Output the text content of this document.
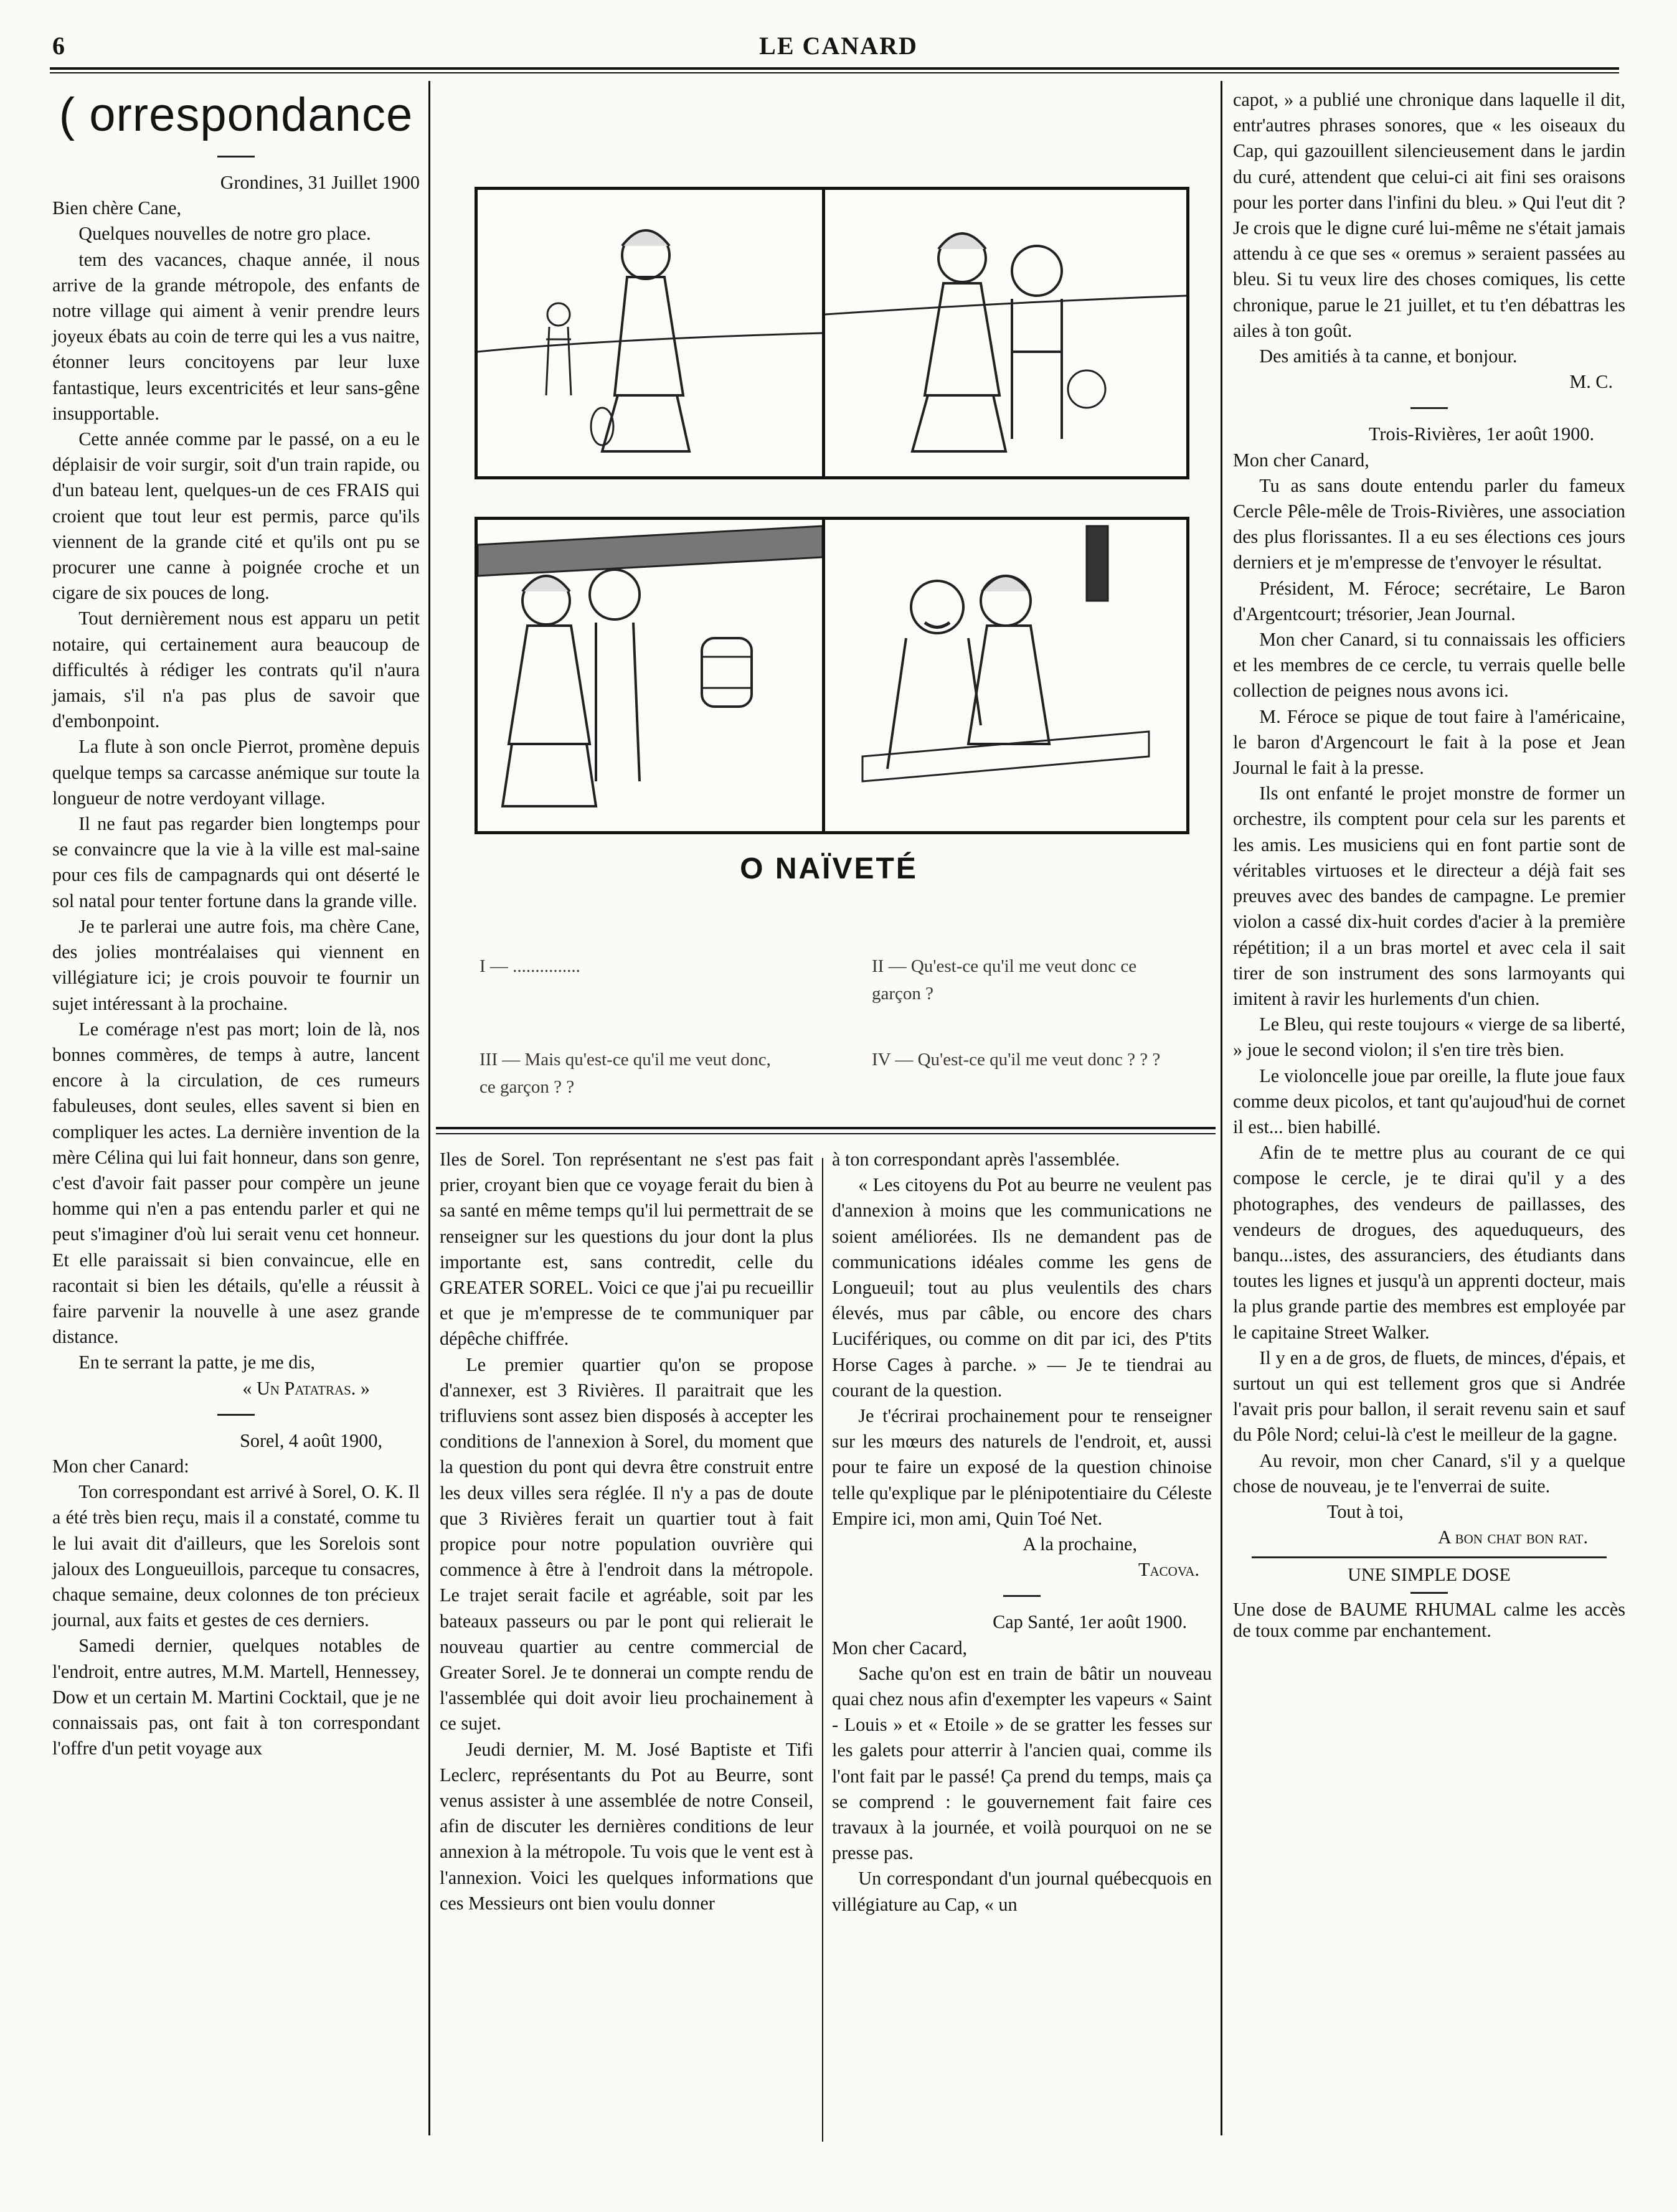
6	LE CANARD
( orrespondance
Grondines, 31 Juillet 1900

Bien chère Cane,

Quelques nouvelles de notre gro place.

tem des vacances, chaque année, il nous arrive de la grande métropole, des enfants de notre village qui aiment à venir prendre leurs joyeux ébats au coin de terre qui les a vus naitre, étonner leurs concitoyens par leur luxe fantastique, leurs excentricités et leur sans-gêne insupportable.

Cette année comme par le passé, on a eu le déplaisir de voir surgir, soit d'un train rapide, ou d'un bateau lent, quelques-un de ces FRAIS qui croient que tout leur est permis, parce qu'ils viennent de la grande cité et qu'ils ont pu se procurer une canne à poignée croche et un cigare de six pouces de long.

Tout dernièrement nous est apparu un petit notaire, qui certainement aura beaucoup de difficultés à rédiger les contrats qu'il n'aura jamais, s'il n'a pas plus de savoir que d'embonpoint.

La flute à son oncle Pierrot, promène depuis quelque temps sa carcasse anémique sur toute la longueur de notre verdoyant village.

Il ne faut pas regarder bien longtemps pour se convaincre que la vie à la ville est mal-saine pour ces fils de campagnards qui ont déserté le sol natal pour tenter fortune dans la grande ville.

Je te parlerai une autre fois, ma chère Cane, des jolies montréalaises qui viennent en villégiature ici; je crois pouvoir te fournir un sujet intéressant à la prochaine.

Le comérage n'est pas mort; loin de là, nos bonnes commères, de temps à autre, lancent encore à la circulation, de ces rumeurs fabuleuses, dont seules, elles savent si bien en compliquer les actes. La dernière invention de la mère Célina qui lui fait honneur, dans son genre, c'est d'avoir fait passer pour compère un jeune homme qui n'en a pas entendu parler et qui ne peut s'imaginer d'où lui serait venu cet honneur. Et elle paraissait si bien convaincue, elle en racontait si bien les détails, qu'elle a réussit à faire parvenir la nouvelle à une asez grande distance.

En te serrant la patte, je me dis,

« Un Patatras. »
Sorel, 4 août 1900,

Mon cher Canard:

Ton correspondant est arrivé à Sorel, O. K. Il a été très bien reçu, mais il a constaté, comme tu le lui avait dit d'ailleurs, que les Sorelois sont jaloux des Longueuillois, parceque tu consacres, chaque semaine, deux colonnes de ton précieux journal, aux faits et gestes de ces derniers.

Samedi dernier, quelques notables de l'endroit, entre autres, M.M. Martell, Hennessey, Dow et un certain M. Martini Cocktail, que je ne connaissais pas, ont fait à ton correspondant l'offre d'un petit voyage aux

O NAÏVETÉ
I — ...............	II — Qu'est-ce qu'il me veut donc ce garçon ?
III — Mais qu'est-ce qu'il me veut donc, ce garçon ? ?
IV — Qu'est-ce qu'il me veut donc ? ? ?

Iles de Sorel. Ton représentant ne s'est pas fait prier, croyant bien que ce voyage ferait du bien à sa santé en même temps qu'il lui permettrait de se renseigner sur les questions du jour dont la plus importante est, sans contredit, celle du GREATER SOREL. Voici ce que j'ai pu recueillir et que je m'empresse de te communiquer par dépêche chiffrée.

Le premier quartier qu'on se propose d'annexer, est 3 Rivières. Il paraitrait que les trifluviens sont assez bien disposés à accepter les conditions de l'annexion à Sorel, du moment que la question du pont qui devra être construit entre les deux villes sera réglée. Il n'y a pas de doute que 3 Rivières ferait un quartier tout à fait propice pour notre population ouvrière qui commence à être à l'endroit dans la métropole. Le trajet serait facile et agréable, soit par les bateaux passeurs ou par le pont qui relierait le nouveau quartier au centre commercial de Greater Sorel. Je te donnerai un compte rendu de l'assemblée qui doit avoir lieu prochainement à ce sujet.

Jeudi dernier, M. M. José Baptiste et Tifi Leclerc, représentants du Pot au Beurre, sont venus assister à une assemblée de notre Conseil, afin de discuter les dernières conditions de leur annexion à la métropole. Tu vois que le vent est à l'annexion. Voici les quelques informations que ces Messieurs ont bien voulu donner

à ton correspondant après l'assemblée.

« Les citoyens du Pot au beurre ne veulent pas d'annexion à moins que les communications ne soient améliorées. Ils ne demandent pas de communications idéales comme les gens de Longueuil; tout au plus veulentils des chars élevés, mus par câble, ou encore des chars Lucifériques, ou comme on dit par ici, des P'tits Horse Cages à parche. » — Je te tiendrai au courant de la question.

Je t'écrirai prochainement pour te renseigner sur les mœurs des naturels de l'endroit, et, aussi pour te faire un exposé de la question chinoise telle qu'explique par le plénipotentiaire du Céleste Empire ici, mon ami, Quin Toé Net.

A la prochaine,
Tacova.
Cap Santé, 1er août 1900.

Mon cher Cacard,

Sache qu'on est en train de bâtir un nouveau quai chez nous afin d'exempter les vapeurs « Saint - Louis » et « Etoile » de se gratter les fesses sur les galets pour atterrir à l'ancien quai, comme ils l'ont fait par le passé! Ça prend du temps, mais ça se comprend : le gouvernement fait faire ces travaux à la journée, et voilà pourquoi on ne se presse pas.

Un correspondant d'un journal québecquois en villégiature au Cap, « un

capot, » a publié une chronique dans laquelle il dit, entr'autres phrases sonores, que « les oiseaux du Cap, qui gazouillent silencieusement dans le jardin du curé, attendent que celui-ci ait fini ses oraisons pour les porter dans l'infini du bleu. » Qui l'eut dit ? Je crois que le digne curé lui-même ne s'était jamais attendu à ce que ses « oremus » seraient passées au bleu. Si tu veux lire des choses comiques, lis cette chronique, parue le 21 juillet, et tu t'en débattras les ailes à ton goût.

Des amitiés à ta canne, et bonjour.

M. C.
Trois-Rivières, 1er août 1900.

Mon cher Canard,

Tu as sans doute entendu parler du fameux Cercle Pêle-mêle de Trois-Rivières, une association des plus florissantes. Il a eu ses élections ces jours derniers et je m'empresse de t'envoyer le résultat.

Président, M. Féroce; secrétaire, Le Baron d'Argentcourt; trésorier, Jean Journal.

Mon cher Canard, si tu connaissais les officiers et les membres de ce cercle, tu verrais quelle belle collection de peignes nous avons ici.

M. Féroce se pique de tout faire à l'américaine, le baron d'Argencourt le fait à la pose et Jean Journal le fait à la presse.

Ils ont enfanté le projet monstre de former un orchestre, ils comptent pour cela sur les parents et les amis. Les musiciens qui en font partie sont de véritables virtuoses et le directeur a déjà fait ses preuves avec des bandes de campagne. Le premier violon a cassé dix-huit cordes d'acier à la première répétition; il a un bras mortel et avec cela il sait tirer de son instrument des sons larmoyants qui imitent à ravir les hurlements d'un chien.

Le Bleu, qui reste toujours « vierge de sa liberté, » joue le second violon; il s'en tire très bien.

Le violoncelle joue par oreille, la flute joue faux comme deux picolos, et tant qu'aujoud'hui de cornet il est... bien habillé.

Afin de te mettre plus au courant de ce qui compose le cercle, je te dirai qu'il y a des photographes, des vendeurs de paillasses, des vendeurs de drogues, des aqueduqueurs, des banqu...istes, des assuranciers, des étudiants dans toutes les lignes et jusqu'à un apprenti docteur, mais la plus grande partie des membres est employée par le capitaine Street Walker.

Il y en a de gros, de fluets, de minces, d'épais, et surtout un qui est tellement gros que si Andrée l'avait pris pour ballon, il serait revenu sain et sauf du Pôle Nord; celui-là c'est le meilleur de la gagne.

Au revoir, mon cher Canard, s'il y a quelque chose de nouveau, je te l'enverrai de suite.

Tout à toi,

A bon chat bon rat.
UNE SIMPLE DOSE

Une dose de BAUME RHUMAL calme les accès de toux comme par enchantement.
